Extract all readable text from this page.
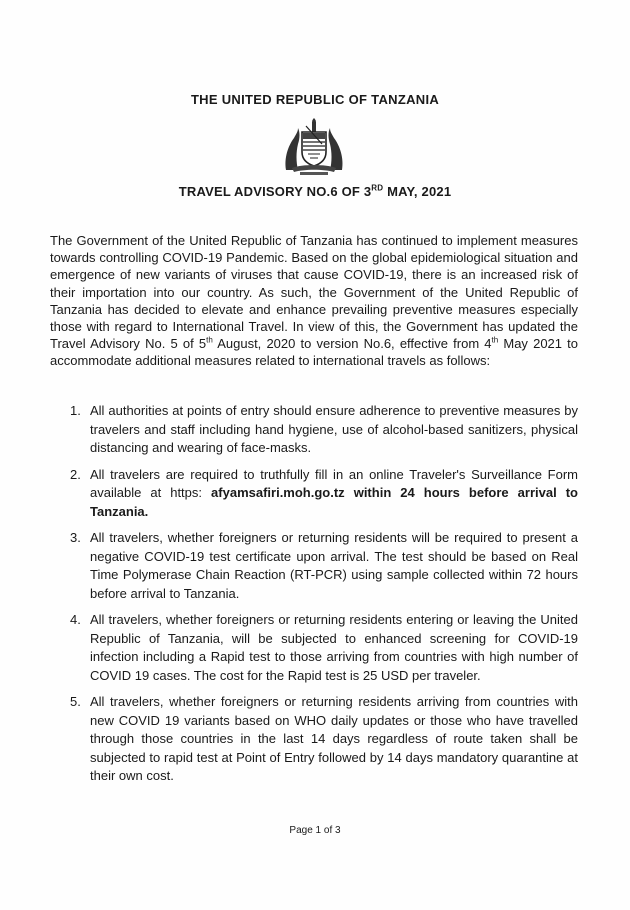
THE UNITED REPUBLIC OF TANZANIA
TRAVEL ADVISORY NO.6 OF 3RD MAY, 2021
The Government of the United Republic of Tanzania has continued to implement measures towards controlling COVID-19 Pandemic. Based on the global epidemiological situation and emergence of new variants of viruses that cause COVID-19, there is an increased risk of their importation into our country. As such, the Government of the United Republic of Tanzania has decided to elevate and enhance prevailing preventive measures especially those with regard to International Travel. In view of this, the Government has updated the Travel Advisory No. 5 of 5th August, 2020 to version No.6, effective from 4th May 2021 to accommodate additional measures related to international travels as follows:
1. All authorities at points of entry should ensure adherence to preventive measures by travelers and staff including hand hygiene, use of alcohol-based sanitizers, physical distancing and wearing of face-masks.
2. All travelers are required to truthfully fill in an online Traveler's Surveillance Form available at https: afyamsafiri.moh.go.tz within 24 hours before arrival to Tanzania.
3. All travelers, whether foreigners or returning residents will be required to present a negative COVID-19 test certificate upon arrival. The test should be based on Real Time Polymerase Chain Reaction (RT-PCR) using sample collected within 72 hours before arrival to Tanzania.
4. All travelers, whether foreigners or returning residents entering or leaving the United Republic of Tanzania, will be subjected to enhanced screening for COVID-19 infection including a Rapid test to those arriving from countries with high number of COVID 19 cases. The cost for the Rapid test is 25 USD per traveler.
5. All travelers, whether foreigners or returning residents arriving from countries with new COVID 19 variants based on WHO daily updates or those who have travelled through those countries in the last 14 days regardless of route taken shall be subjected to rapid test at Point of Entry followed by 14 days mandatory quarantine at their own cost.
Page 1 of 3
